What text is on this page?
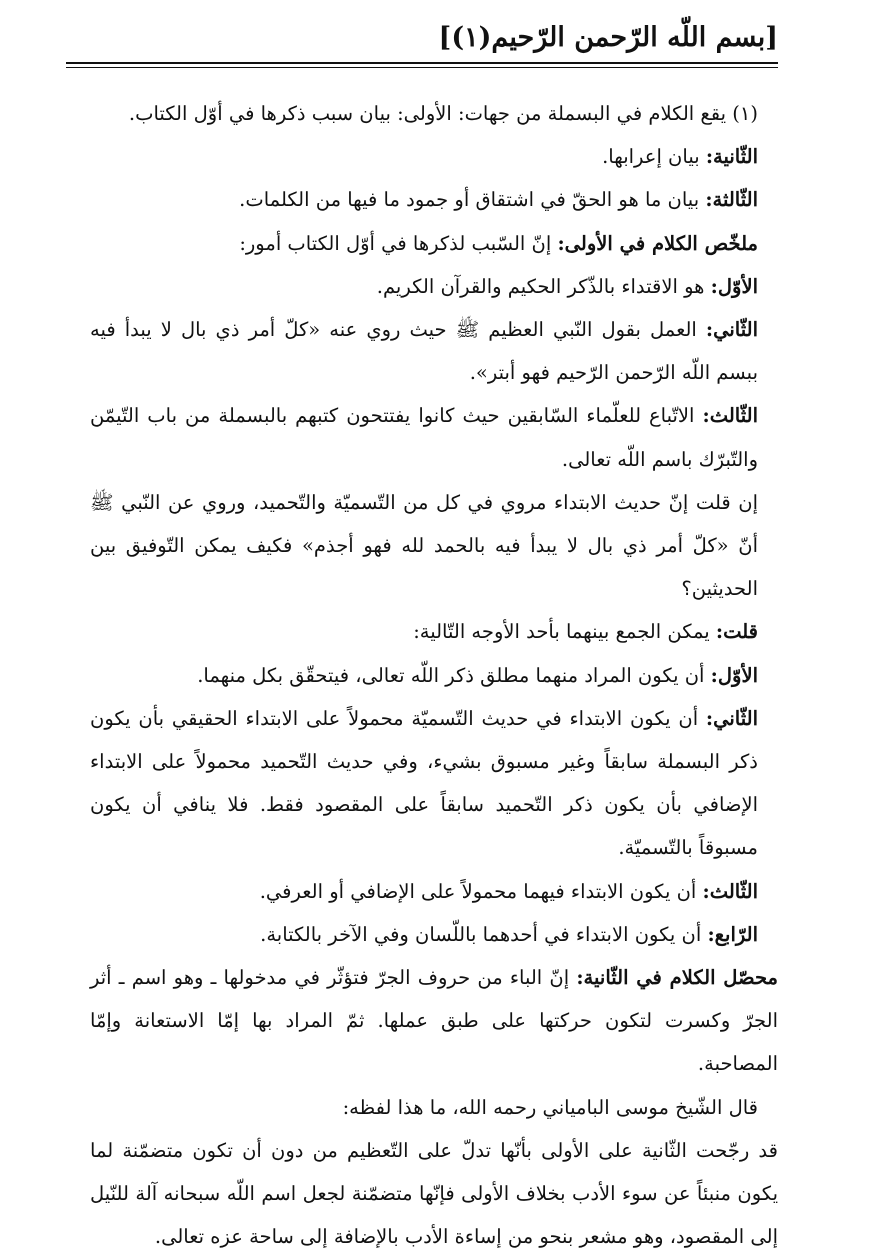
[بسم اللّه الرّحمن الرّحيم(۱)]

(۱) يقع الكلام في البسملة من جهات: الأولى: بيان سبب ذكرها في أوّل الكتاب.

الثّانية: بيان إعرابها.

الثّالثة: بيان ما هو الحقّ في اشتقاق أو جمود ما فيها من الكلمات.

ملخّص الكلام في الأولى: إنّ السّبب لذكرها في أوّل الكتاب أمور:

الأوّل: هو الاقتداء بالذّكر الحكيم والقرآن الكريم.

الثّاني: العمل بقول النّبي العظيم ﷺ حيث روي عنه «كلّ أمر ذي بال لا يبدأ فيه ببسم اللّه الرّحمن الرّحيم فهو أبتر».

الثّالث: الاتّباع للعلّماء السّابقين حيث كانوا يفتتحون كتبهم بالبسملة من باب التّيمّن والتّبرّك باسم اللّه تعالى.

إن قلت إنّ حديث الابتداء مروي في كل من التّسميّة والتّحميد، وروي عن النّبي ﷺ أنّ «كلّ أمر ذي بال لا يبدأ فيه بالحمد لله فهو أجذم» فكيف يمكن التّوفيق بين الحديثين؟

قلت: يمكن الجمع بينهما بأحد الأوجه التّالية:

الأوّل: أن يكون المراد منهما مطلق ذكر اللّه تعالى، فيتحقّق بكل منهما.

الثّاني: أن يكون الابتداء في حديث التّسميّة محمولاً على الابتداء الحقيقي بأن يكون ذكر البسملة سابقاً وغير مسبوق بشيء، وفي حديث التّحميد محمولاً على الابتداء الإضافي بأن يكون ذكر التّحميد سابقاً على المقصود فقط. فلا ينافي أن يكون مسبوقاً بالتّسميّة.

الثّالث: أن يكون الابتداء فيهما محمولاً على الإضافي أو العرفي.

الرّابع: أن يكون الابتداء في أحدهما باللّسان وفي الآخر بالكتابة.

محصّل الكلام في الثّانية: إنّ الباء من حروف الجرّ فتؤثّر في مدخولها ـ وهو اسم ـ أثر الجرّ وكسرت لتكون حركتها على طبق عملها. ثمّ المراد بها إمّا الاستعانة وإمّا المصاحبة.

قال الشّيخ موسى البامياني رحمه الله، ما هذا لفظه:

قد رجّحت الثّانية على الأولى بأنّها تدلّ على التّعظيم من دون أن تكون متضمّنة لما يكون منبئاً عن سوء الأدب بخلاف الأولى فإنّها متضمّنة لجعل اسم اللّه سبحانه آلة للنّيل إلى المقصود، وهو مشعر بنحو من إساءة الأدب بالإضافة إلى ساحة عزه تعالى.
